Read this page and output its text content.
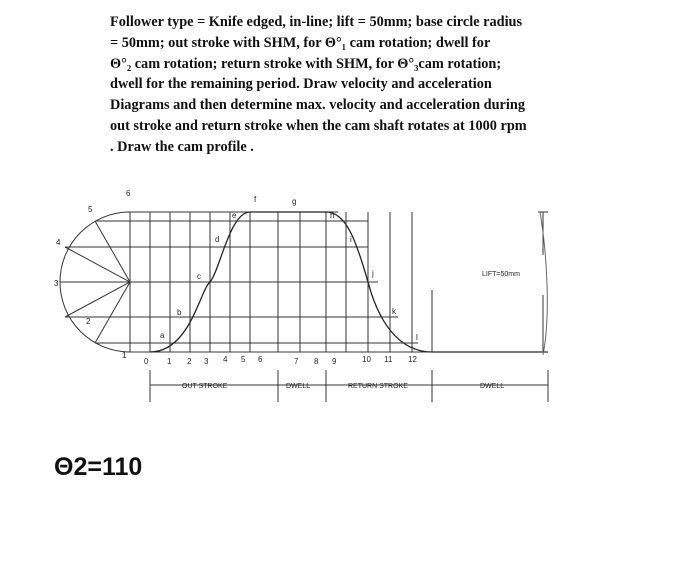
Follower type = Knife edged, in-line; lift = 50mm; base circle radius
= 50mm; out stroke with SHM, for Θ°₁ cam rotation; dwell for
Θ°₂ cam rotation; return stroke with SHM, for Θ°₃cam rotation;
dwell for the remaining period. Draw velocity and acceleration
Diagrams and then determine max. velocity and acceleration during
out stroke and return stroke when the cam shaft rotates at 1000 rpm
. Draw the cam profile .
1
2
3
4
5
6
a
b
c
d
e
f	g
h
i
j
k
l
0 1 2 3 4 5 6	7 8 9	10 11 12
LIFT=50mm
OUT STROKE	DWELL	RETURN STROKE	DWELL
Θ2=110
